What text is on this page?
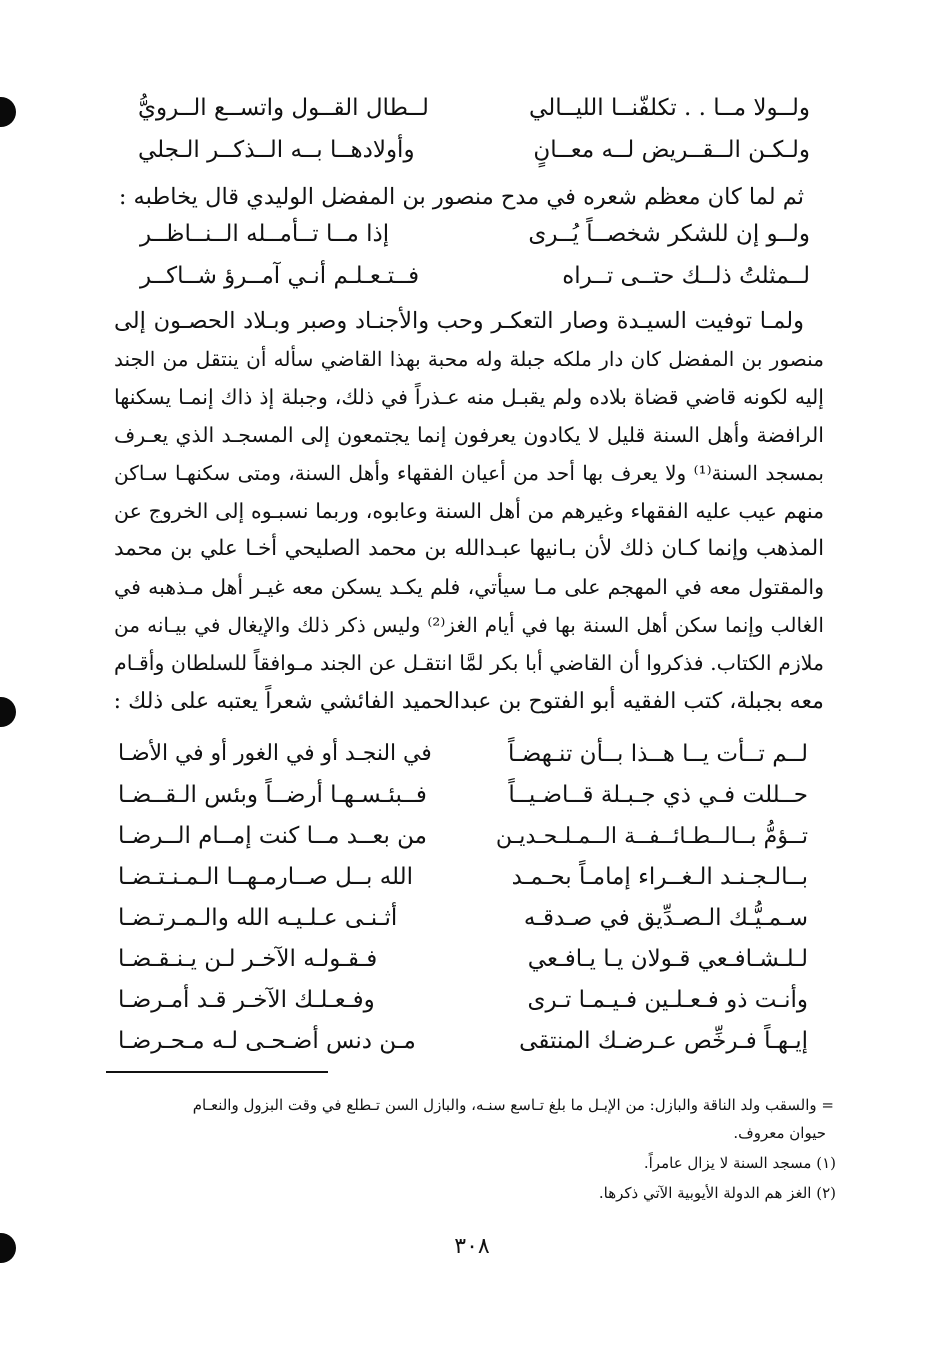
ولــولا مــا . . تكلفّنــا الليــالي
لــطال القــول واتســع الــرويُّ
ولـكـن الــقــريض لــه معــانٍ
وأولادهــا بــه الــذكــر الـجلي
ثم لما كان معظم شعره في مدح منصور بن المفضل الوليدي قال يخاطبه :
ولــو إن للشكر شخصــاً يُــرى
إذا مــا تــأمــله الــنــاظــر
لــمثلتُ ذلــك حتــى تــراه
فــتـعـلـم أنـي آمــرؤ شــاكــر
ولمـا توفيت السيـدة وصار التعكـر وحب والأجنـاد وصبر وبـلاد الحصـون إلى
منصور بن المفضل كان دار ملكه جبلة وله محبة بهذا القاضي سأله أن ينتقل من الجند
إليه لكونه قاضي قضاة بلاده ولم يقبـل منه عـذراً في ذلك، وجبلة إذ ذاك إنمـا يسكنها
الرافضة وأهل السنة قليل لا يكادون يعرفون إنما يجتمعون إلى المسجـد الذي يعـرف
بمسجد السنة⁽¹⁾ ولا يعرف بها أحد من أعيان الفقهاء وأهل السنة، ومتى سكنهـا سـاكن
منهم عيب عليه الفقهاء وغيرهم من أهل السنة وعابوه، وربما نسبـوه إلى الخروج عن
المذهب وإنما كـان ذلك لأن بـانيها عبـدالله بن محمد الصليحي أخـا علي بن محمد
والمقتول معه في المهجم على مـا سيأتي، فلم يكـد يسكن معه غيـر أهل مـذهبه في
الغالب وإنما سكن أهل السنة بها في أيام الغز⁽²⁾ وليس ذكر ذلك والإيغال في بيـانه من
ملازم الكتاب. فذكروا أن القاضي أبا بكر لمَّا انتقـل عن الجند مـوافقاً للسلطان وأقـام
معه بجبلة، كتب الفقيه أبو الفتوح بن عبدالحميد الفائشي شعراً يعتبه على ذلك :
لــم تــأت يــا هــذا بــأن تنـهضـاً
في النجـد أو في الغور أو في الأضـا
حــللت فـي ذي جـبـلة قــاضـيــاً
فــبئـسـهـا أرضــاً وبئس الـقــضـا
تــؤمُّ بــالــطـائــفــة الــمـلـحـديـن
من بعــد مــا كنت إمــام الــرضـا
بــالـجـنـد الـغــراء إمامـاً بحـمـد
الله بــل صــارمـهــا الـمـنـتـضـا
سـمـيُّـك الـصـدِّيق في صـدقـه
أثـنـى عـلـيـه الله والـمـرتـضـا
لـلـشـافـعي قـولان يـا يـافـعي
فـقـولـه الآخـر لـن يـنـقـضـا
وأنـت ذو فـعـلـين فـيـمـا تـرى
وفـعـلـك الآخـر قـد أمـرضـا
إيـهـاً فـرخِّص عـرضـك المنتقى
مـن دنس أضـحـى لـه مـحـرضـا
= والسقب ولد الناقة والبازل: من الإبـل ما بلغ تـاسع سنـه، والبازل السن تـطلع في وقت البزول والنعـام
حيوان معروف.
(١) مسجد السنة لا يزال عامراً.
(٢) الغز هم الدولة الأيوبية الآتي ذكرها.
٣٠٨
